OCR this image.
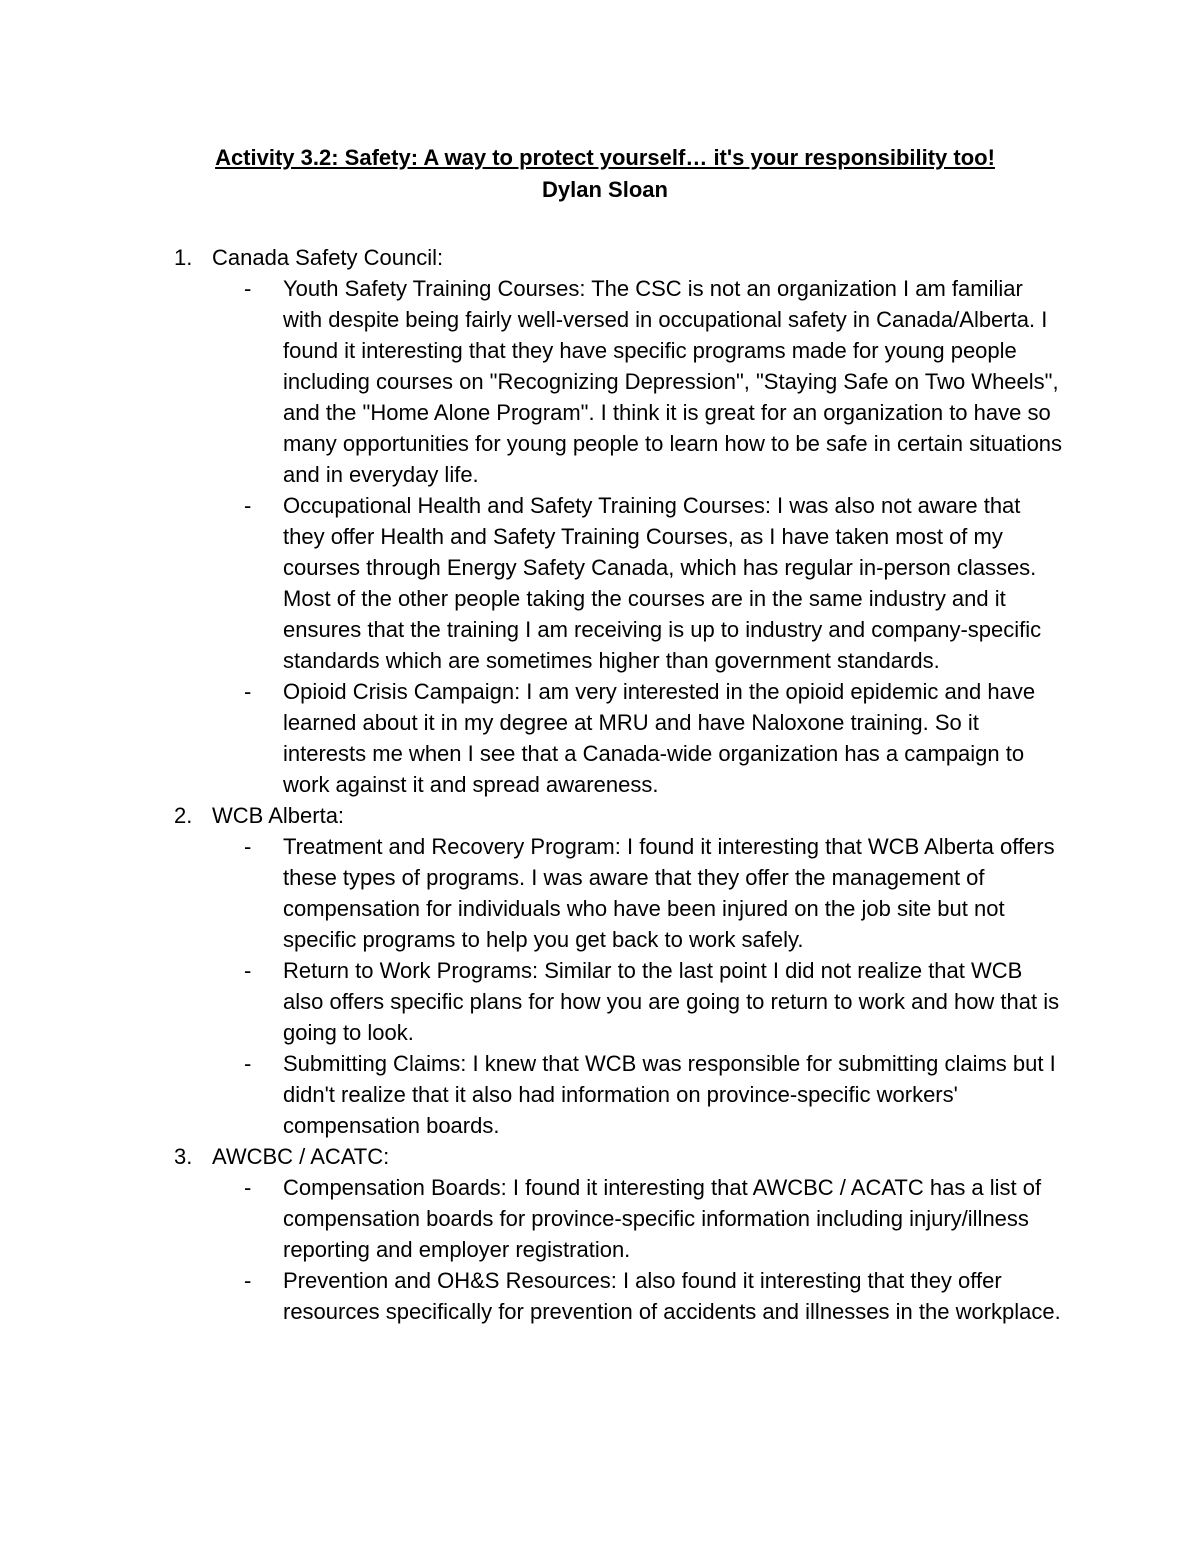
Activity 3.2: Safety: A way to protect yourself… it's your responsibility too!
Dylan Sloan
1. Canada Safety Council:
- Youth Safety Training Courses: The CSC is not an organization I am familiar with despite being fairly well-versed in occupational safety in Canada/Alberta. I found it interesting that they have specific programs made for young people including courses on "Recognizing Depression", "Staying Safe on Two Wheels", and the "Home Alone Program". I think it is great for an organization to have so many opportunities for young people to learn how to be safe in certain situations and in everyday life.
- Occupational Health and Safety Training Courses: I was also not aware that they offer Health and Safety Training Courses, as I have taken most of my courses through Energy Safety Canada, which has regular in-person classes. Most of the other people taking the courses are in the same industry and it ensures that the training I am receiving is up to industry and company-specific standards which are sometimes higher than government standards.
- Opioid Crisis Campaign: I am very interested in the opioid epidemic and have learned about it in my degree at MRU and have Naloxone training. So it interests me when I see that a Canada-wide organization has a campaign to work against it and spread awareness.
2. WCB Alberta:
- Treatment and Recovery Program: I found it interesting that WCB Alberta offers these types of programs. I was aware that they offer the management of compensation for individuals who have been injured on the job site but not specific programs to help you get back to work safely.
- Return to Work Programs: Similar to the last point I did not realize that WCB also offers specific plans for how you are going to return to work and how that is going to look.
- Submitting Claims: I knew that WCB was responsible for submitting claims but I didn't realize that it also had information on province-specific workers' compensation boards.
3. AWCBC / ACATC:
- Compensation Boards: I found it interesting that AWCBC / ACATC has a list of compensation boards for province-specific information including injury/illness reporting and employer registration.
- Prevention and OH&S Resources: I also found it interesting that they offer resources specifically for prevention of accidents and illnesses in the workplace.
